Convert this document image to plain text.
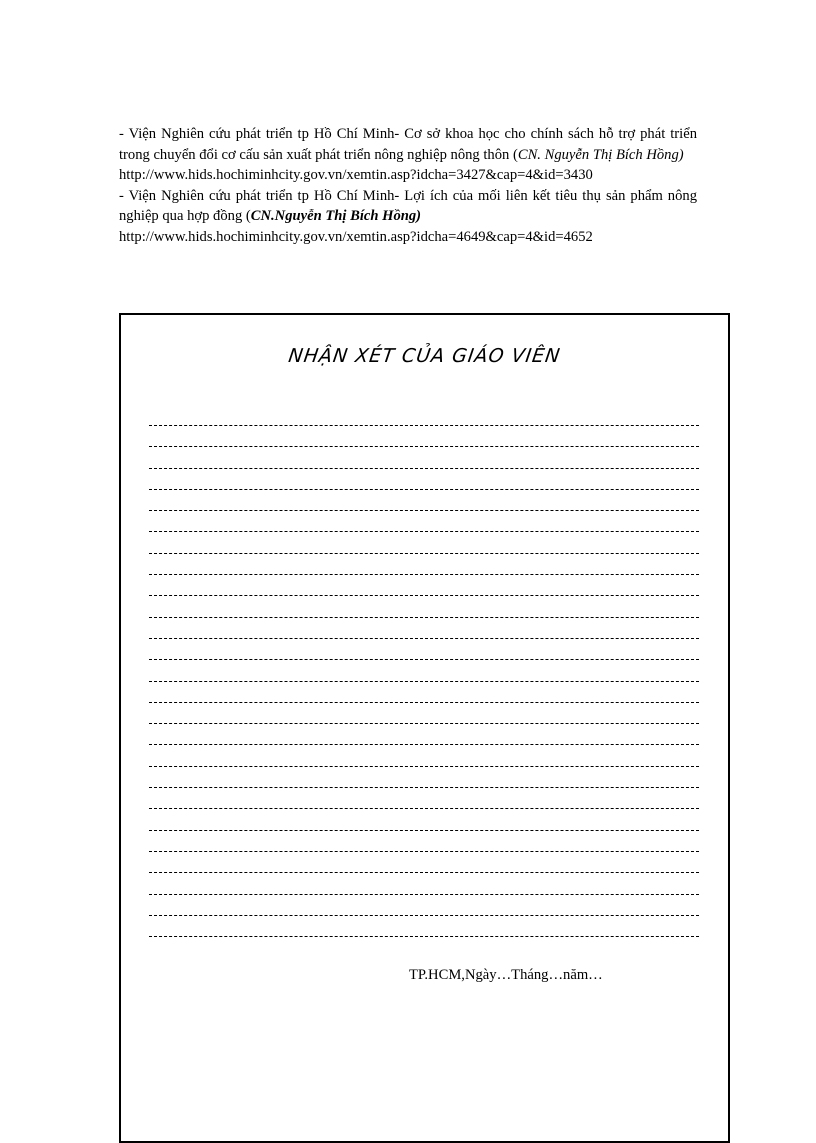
- Viện Nghiên cứu phát triển tp Hồ Chí Minh- Cơ sở khoa học cho chính sách hỗ trợ phát triển trong chuyển đổi cơ cấu sản xuất phát triển nông nghiệp nông thôn (CN. Nguyễn Thị Bích Hồng)

http://www.hids.hochiminhcity.gov.vn/xemtin.asp?idcha=3427&cap=4&id=3430

- Viện Nghiên cứu phát triển tp Hồ Chí Minh- Lợi ích của mối liên kết tiêu thụ sản phẩm nông nghiệp qua hợp đồng (CN.Nguyễn Thị Bích Hồng)

http://www.hids.hochiminhcity.gov.vn/xemtin.asp?idcha=4649&cap=4&id=4652

NHẬN XÉT CỦA GIÁO VIÊN
TP.HCM,Ngày…Tháng…năm…
